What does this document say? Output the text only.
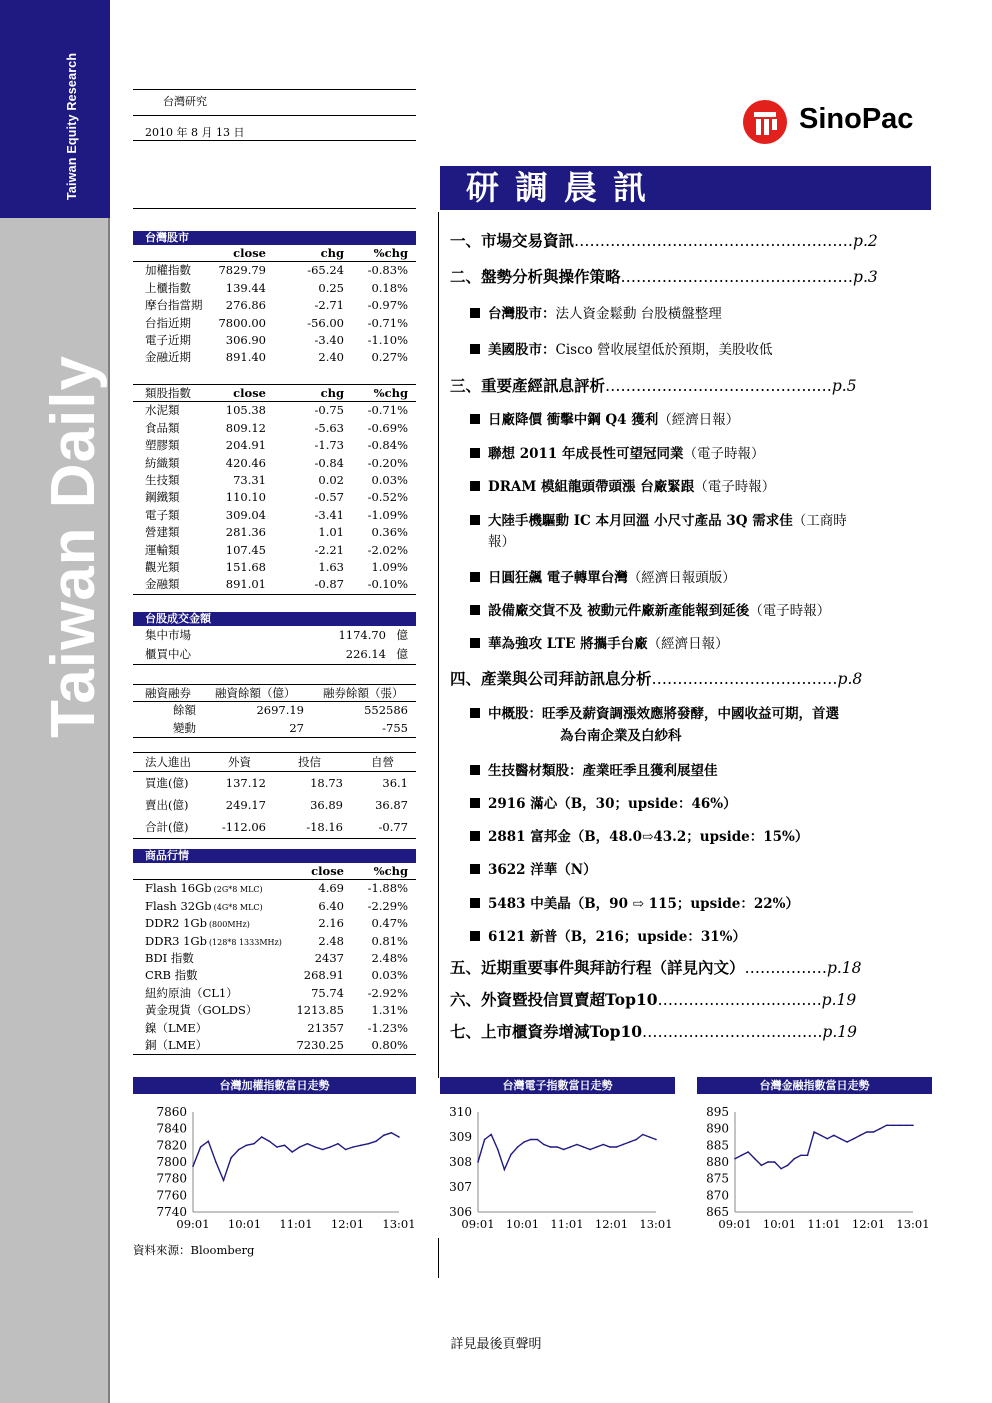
Taiwan Equity Research
Taiwan Daily
台灣研究
2010 年 8 月 13 日	SinoPac
研調晨訊
台灣股市
close	chg	%chg
加權指數 7829.79	-65.24 -0.83%
上櫃指數	139.44	0.25 0.18%
摩台指當期 276.86	-2.71 -0.97%
台指近期 7800.00	-56.00 -0.71%
電子近期	306.90	-3.40 -1.10%
金融近期	891.40	2.40 0.27%
類股指數	close	chg	%chg
水泥類	105.38	-0.75 -0.71%
食品類	809.12	-5.63 -0.69%
塑膠類	204.91	-1.73 -0.84%
紡織類	420.46	-0.84 -0.20%
生技類	73.31	0.02 0.03%
鋼鐵類	110.10	-0.57 -0.52%
電子類	309.04	-3.41 -1.09%
營建類	281.36	1.01 0.36%
運輸類	107.45	-2.21 -2.02%
觀光類	151.68	1.63 1.09%
金融類	891.01	-0.87 -0.10%
台股成交金額
集中市場	1174.70 億
櫃買中心	226.14 億
融資融券 融資餘額（億） 融券餘額（張）
餘額	2697.19	552586
變動	27	-755
法人進出	外資	投信	自營
買進(億)	137.12	18.73	36.1
賣出(億)	249.17	36.89	36.87
合計(億)	-112.06	-18.16	-0.77
商品行情
close	%chg
Flash 16Gb (2G*8 MLC)	4.69 -1.88%
Flash 32Gb (4G*8 MLC)	6.40 -2.29%
DDR2 1Gb (800MHz)	2.16 0.47%
DDR3 1Gb (128*8 1333MHz)	2.48 0.81%
BDI 指數	2437 2.48%
CRB 指數	268.91 0.03%
紐約原油（CL1）	75.74 -2.92%
黃金現貨（GOLDS）	1213.85 1.31%
鎳（LME）	21357 -1.23%
銅（LME）	7230.25 0.80%
一、市場交易資訊………………………………………………p.2
二、盤勢分析與操作策略………………………………………p.3
台灣股市：法人資金鬆動 台股橫盤整理
美國股市：Cisco 營收展望低於預期，美股收低
三、重要產經訊息評析…………………………………..…p.5
日廠降價 衝擊中鋼 Q4 獲利（經濟日報）
聯想 2011 年成長性可望冠同業（電子時報）
DRAM 模組龍頭帶頭漲 台廠緊跟（電子時報）
大陸手機驅動 IC 本月回溫 小尺寸產品 3Q 需求佳（工商時
報）
日圓狂飆 電子轉單台灣（經濟日報頭版）
設備廠交貨不及 被動元件廠新產能報到延後（電子時報）
華為強攻 LTE 將攜手台廠（經濟日報）
四、產業與公司拜訪訊息分析………………………………p.8
中概股：旺季及薪資調漲效應將發酵，中國收益可期，首選
為台南企業及白紗科
生技醫材類股：產業旺季且獲利展望佳
2916 滿心（B，30；upside：46%）
2881 富邦金（B，48.0⇨43.2；upside：15%）
3622 洋華（N）
5483 中美晶（B，90 ⇨ 115；upside：22%）
6121 新普（B，216；upside：31%）
五、近期重要事件與拜訪行程（詳見內文）…….………p.18
六、外資暨投信買賣超Top10…………………..…..….p.19
七、上市櫃資券增減Top10…………………….……….p.19
台灣加權指數當日走勢	台灣電子指數當日走勢	台灣金融指數當日走勢
7740
7760
7780
7800
7820
7840
7860
09:01 10:01 11:01 12:01 13:01
306
307
308
309
310
09:01 10:01 11:01 12:01 13:01
865
870
875
880
885
890
895
09:01 10:01 11:01 12:01 13:01
資料來源：Bloomberg
詳見最後頁聲明
